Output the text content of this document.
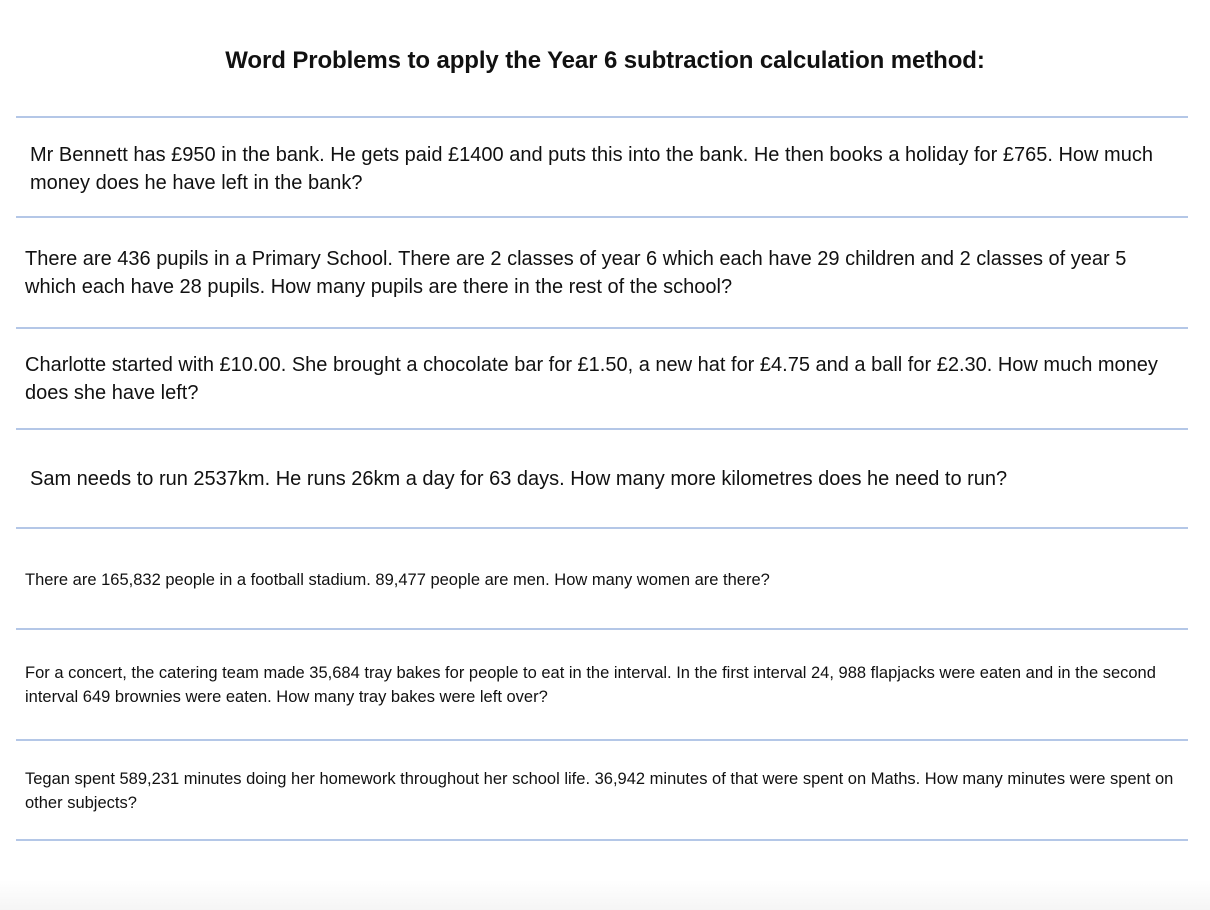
Word Problems to apply the Year 6 subtraction calculation method:
Mr Bennett has £950 in the bank. He gets paid £1400 and puts this into the bank. He then books a holiday for £765. How much money does he have left in the bank?
There are 436 pupils in a Primary School. There are 2 classes of year 6 which each have 29 children and 2 classes of year 5 which each have 28 pupils. How many pupils are there in the rest of the school?
Charlotte started with £10.00. She brought a chocolate bar for £1.50, a new hat for £4.75 and a ball for £2.30. How much money does she have left?
Sam needs to run 2537km. He runs 26km a day for 63 days. How many more kilometres does he need to run?
There are 165,832 people in a football stadium. 89,477 people are men. How many women are there?
For a concert, the catering team made 35,684 tray bakes for people to eat in the interval. In the first interval 24, 988 flapjacks were eaten and in the second interval 649 brownies were eaten. How many tray bakes were left over?
Tegan spent 589,231 minutes doing her homework throughout her school life. 36,942 minutes of that were spent on Maths. How many minutes were spent on other subjects?
